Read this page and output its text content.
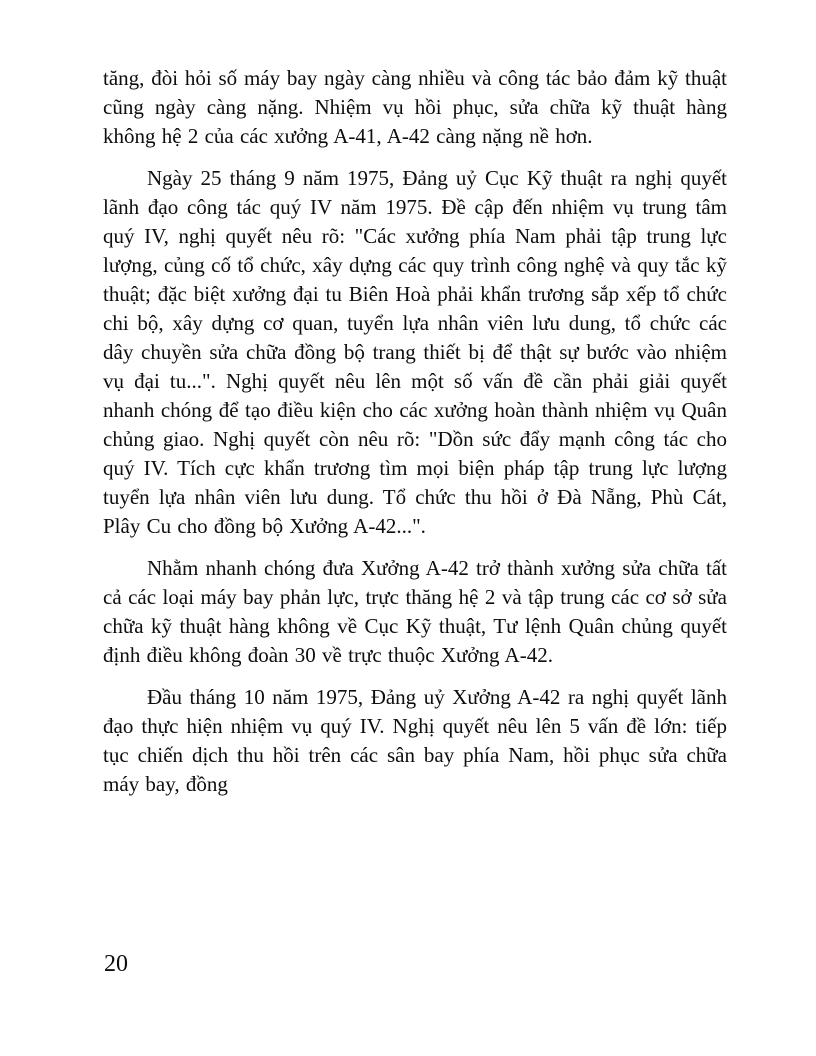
tăng, đòi hỏi số máy bay ngày càng nhiều và công tác bảo đảm kỹ thuật cũng ngày càng nặng. Nhiệm vụ hồi phục, sửa chữa kỹ thuật hàng không hệ 2 của các xưởng A-41, A-42 càng nặng nề hơn.

Ngày 25 tháng 9 năm 1975, Đảng uỷ Cục Kỹ thuật ra nghị quyết lãnh đạo công tác quý IV năm 1975. Đề cập đến nhiệm vụ trung tâm quý IV, nghị quyết nêu rõ: "Các xưởng phía Nam phải tập trung lực lượng, củng cố tổ chức, xây dựng các quy trình công nghệ và quy tắc kỹ thuật; đặc biệt xưởng đại tu Biên Hoà phải khẩn trương sắp xếp tổ chức chi bộ, xây dựng cơ quan, tuyển lựa nhân viên lưu dung, tổ chức các dây chuyền sửa chữa đồng bộ trang thiết bị để thật sự bước vào nhiệm vụ đại tu...". Nghị quyết nêu lên một số vấn đề cần phải giải quyết nhanh chóng để tạo điều kiện cho các xưởng hoàn thành nhiệm vụ Quân chủng giao. Nghị quyết còn nêu rõ: "Dồn sức đẩy mạnh công tác cho quý IV. Tích cực khẩn trương tìm mọi biện pháp tập trung lực lượng tuyển lựa nhân viên lưu dung. Tổ chức thu hồi ở Đà Nẵng, Phù Cát, Plây Cu cho đồng bộ Xưởng A-42...".

Nhằm nhanh chóng đưa Xưởng A-42 trở thành xưởng sửa chữa tất cả các loại máy bay phản lực, trực thăng hệ 2 và tập trung các cơ sở sửa chữa kỹ thuật hàng không về Cục Kỹ thuật, Tư lệnh Quân chủng quyết định điều không đoàn 30 về trực thuộc Xưởng A-42.

Đầu tháng 10 năm 1975, Đảng uỷ Xưởng A-42 ra nghị quyết lãnh đạo thực hiện nhiệm vụ quý IV. Nghị quyết nêu lên 5 vấn đề lớn: tiếp tục chiến dịch thu hồi trên các sân bay phía Nam, hồi phục sửa chữa máy bay, đồng

20
